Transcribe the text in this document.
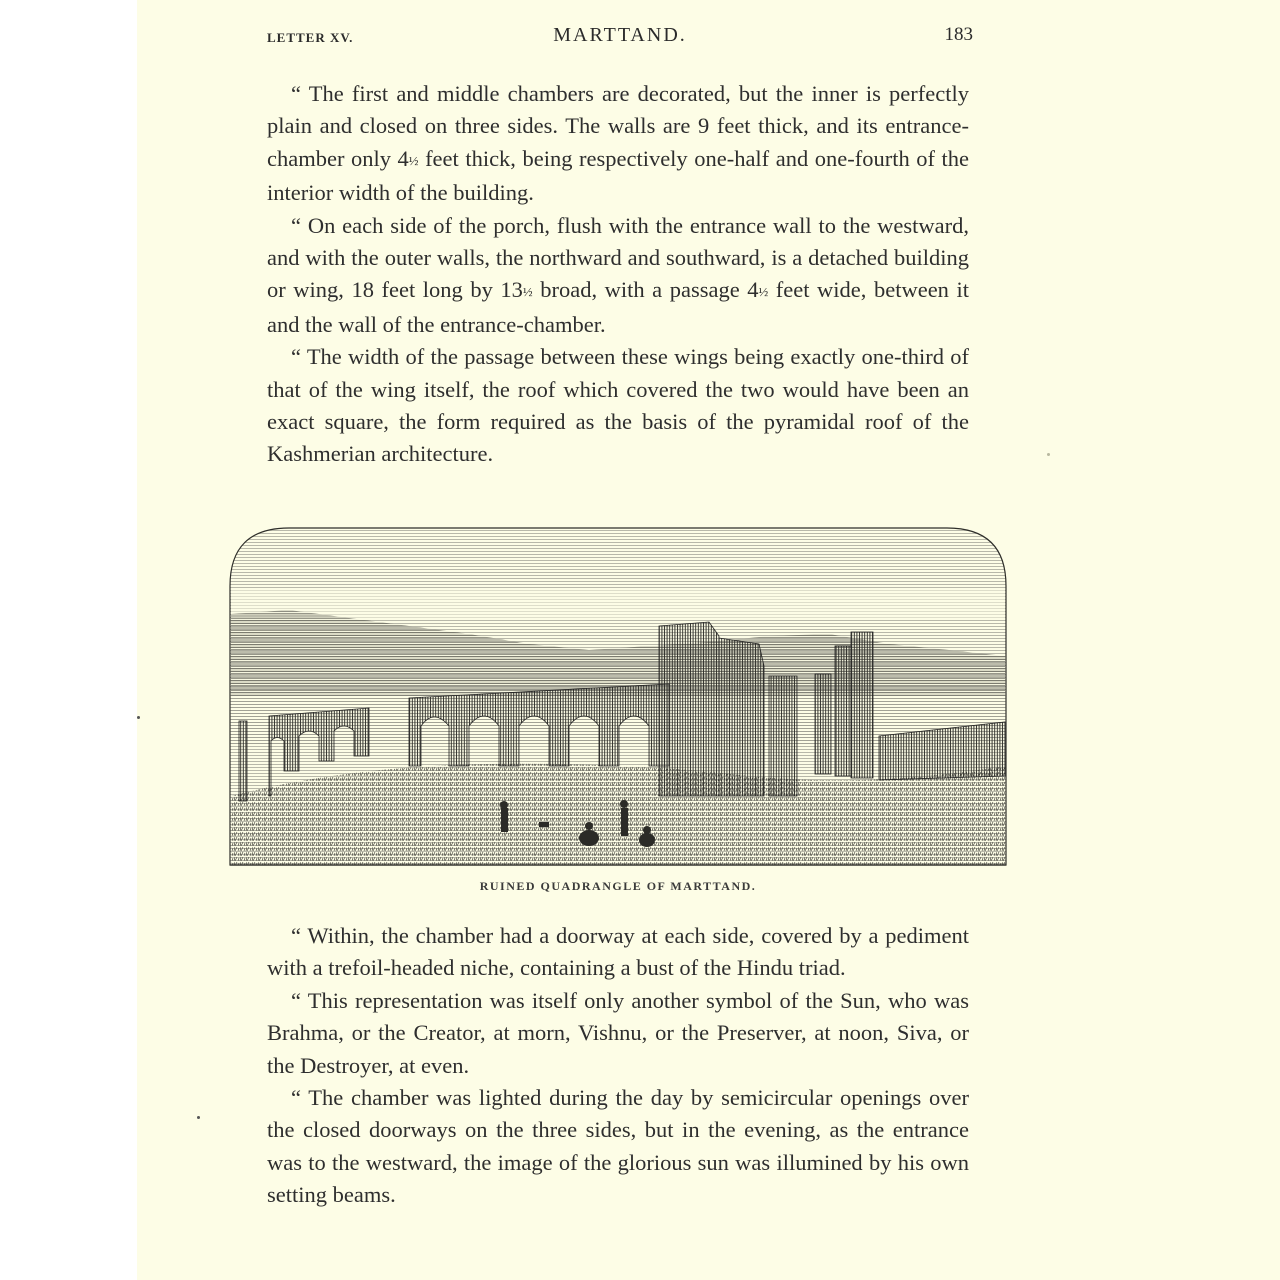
LETTER XV.	MARTTAND.	183

“ The first and middle chambers are decorated, but the inner is perfectly plain and closed on three sides. The walls are 9 feet thick, and its entrance-chamber only 4½ feet thick, being respectively one-half and one-fourth of the interior width of the building.

“ On each side of the porch, flush with the entrance wall to the westward, and with the outer walls, the northward and southward, is a detached building or wing, 18 feet long by 13½ broad, with a passage 4½ feet wide, between it and the wall of the entrance-chamber.

“ The width of the passage between these wings being exactly one-third of that of the wing itself, the roof which covered the two would have been an exact square, the form required as the basis of the pyramidal roof of the Kashmerian architecture.

RUINED QUADRANGLE OF MARTTAND.

“ Within, the chamber had a doorway at each side, covered by a pediment with a trefoil-headed niche, containing a bust of the Hindu triad.

“ This representation was itself only another symbol of the Sun, who was Brahma, or the Creator, at morn, Vishnu, or the Preserver, at noon, Siva, or the Destroyer, at even.

“ The chamber was lighted during the day by semicircular openings over the closed doorways on the three sides, but in the evening, as the entrance was to the westward, the image of the glorious sun was illumined by his own setting beams.
